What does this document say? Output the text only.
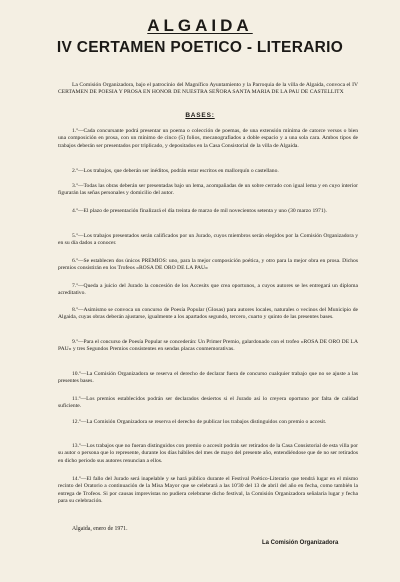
ALGAIDA
IV CERTAMEN POETICO - LITERARIO
La Comisión Organizadora, bajo el patrocinio del Magnífico Ayuntamiento y la Parroquia de la villa de Algaida, convoca el IV CERTAMEN DE POESIA Y PROSA EN HONOR DE NUESTRA SEÑORA SANTA MARIA DE LA PAU DE CASTELLITX
BASES:

1.º—Cada concursante podrá presentar un poema o colección de poemas, de una extensión mínima de catorce versos o bien una composición en prosa, con un mínimo de cinco (5) folios, mecanografiados a doble espacio y a una sola cara. Ambos tipos de trabajos deberán ser presentados por triplicado, y depositados en la Casa Consistorial de la villa de Algaida.

2.º—Los trabajos, que deberán ser inéditos, podrán estar escritos en mallorquín o castellano.

3.º—Todas las obras deberán ser presentadas bajo un lema, acompañadas de un sobre cerrado con igual lema y en cuyo interior figurarán las señas personales y domicilio del autor.

4.º—El plazo de presentación finalizará el día treinta de marzo de mil novecientos setenta y uno (30 marzo 1971).

5.º—Los trabajos presentados serán calificados por un Jurado, cuyos miembros serán elegidos por la Comisión Organizadora y en su día dados a conocer.

6.º—Se establecen dos únicos PREMIOS: uno, para la mejor composición poética, y otro para la mejor obra en prosa. Dichos premios consistirán en los Trofeos «ROSA DE ORO DE LA PAU»

7.º—Queda a juicio del Jurado la concesión de los Accesits que crea oportunos, a cuyos autores se les entregará un diploma acreditativo.

8.º—Asimismo se convoca un concurso de Poesía Popular (Glosas) para autores locales, naturales o vecinos del Municipio de Algaida, cuyas obras deberán ajustarse, igualmente a los apartados segundo, tercero, cuarto y quinto de las presentes bases.

9.º—Para el concurso de Poesía Popular se concederán: Un Primer Premio, galardonado con el trofeo «ROSA DE ORO DE LA PAU» y tres Segundos Premios consistentes en sendas placas conmemorativas.

10.º—La Comisión Organizadora se reserva el derecho de declarar fuera de concurso cualquier trabajo que no se ajuste a las presentes bases.

11.º—Los premios establecidos podrán ser declarados desiertos si el Jurado así lo creyera oportuno por falta de calidad suficiente.

12.º—La Comisión Organizadora se reserva el derecho de publicar los trabajos distinguidos con premio o accesit.

13.º—Los trabajos que no fueran distinguidos con premio o accesit podrán ser retirados de la Casa Consistorial de esta villa por su autor o persona que lo represente, durante los días hábiles del mes de mayo del presente año, entendiéndose que de no ser retirados en dicho periodo sus autores renuncian a ellos.

14.º—El fallo del Jurado será inapelable y se hará público durante el Festival Poético-Literario que tendrá lugar en el mismo recinto del Oratorio a continuación de la Misa Mayor que se celebrará a las 10'30 del 13 de abril del año en fecha, como también la entrega de Trofeos. Si por causas imprevistas no pudiera celebrarse dicho festival, la Comisión Organizadora señalaría lugar y fecha para su celebración.

Algaida, enero de 1971.
La Comisión Organizadora
